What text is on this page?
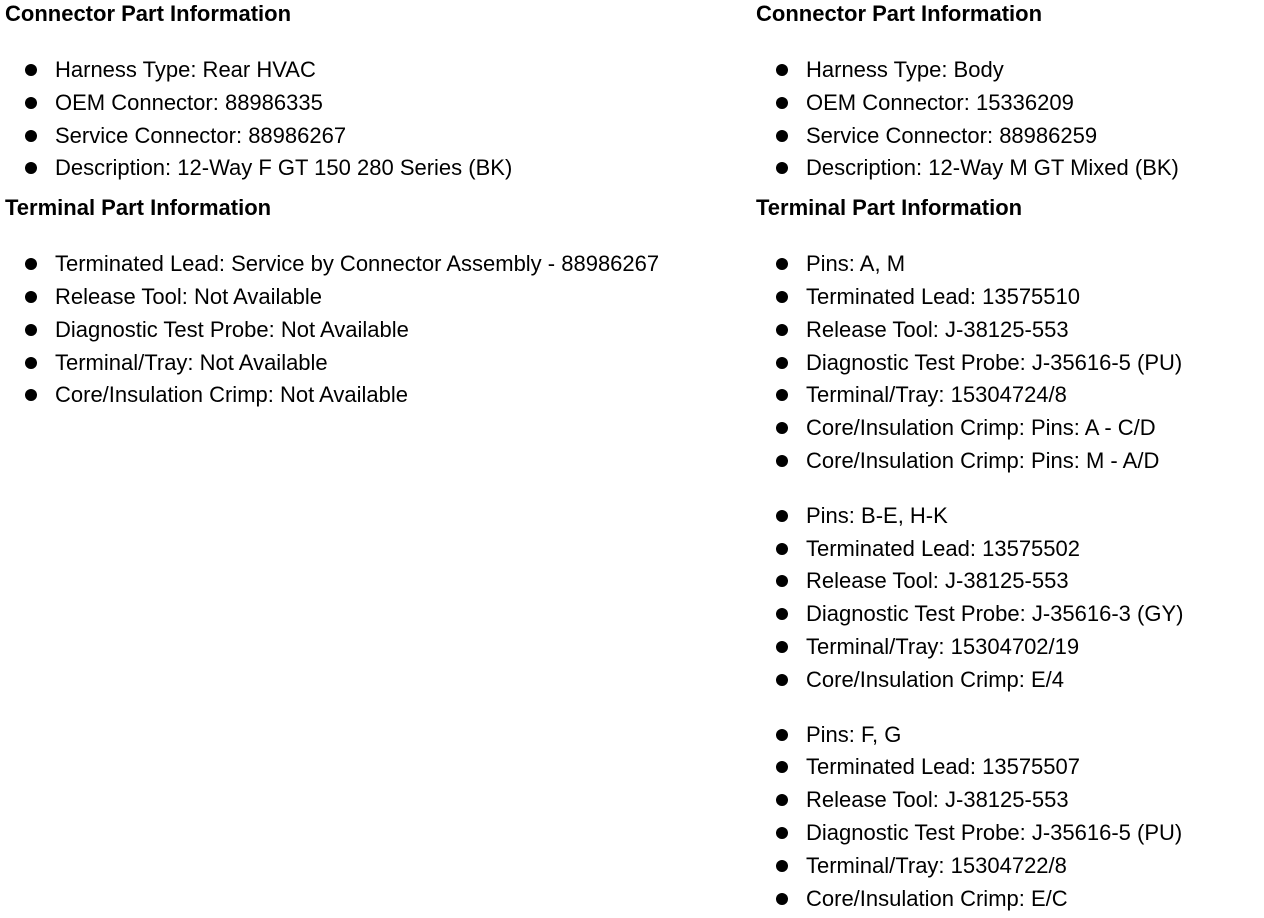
Connector Part Information
Harness Type: Rear HVAC
OEM Connector: 88986335
Service Connector: 88986267
Description: 12-Way F GT 150 280 Series (BK)
Terminal Part Information
Terminated Lead: Service by Connector Assembly - 88986267
Release Tool: Not Available
Diagnostic Test Probe: Not Available
Terminal/Tray: Not Available
Core/Insulation Crimp: Not Available
Connector Part Information
Harness Type: Body
OEM Connector: 15336209
Service Connector: 88986259
Description: 12-Way M GT Mixed (BK)
Terminal Part Information
Pins: A, M
Terminated Lead: 13575510
Release Tool: J-38125-553
Diagnostic Test Probe: J-35616-5 (PU)
Terminal/Tray: 15304724/8
Core/Insulation Crimp: Pins: A - C/D
Core/Insulation Crimp: Pins: M - A/D
Pins: B-E, H-K
Terminated Lead: 13575502
Release Tool: J-38125-553
Diagnostic Test Probe: J-35616-3 (GY)
Terminal/Tray: 15304702/19
Core/Insulation Crimp: E/4
Pins: F, G
Terminated Lead: 13575507
Release Tool: J-38125-553
Diagnostic Test Probe: J-35616-5 (PU)
Terminal/Tray: 15304722/8
Core/Insulation Crimp: E/C
